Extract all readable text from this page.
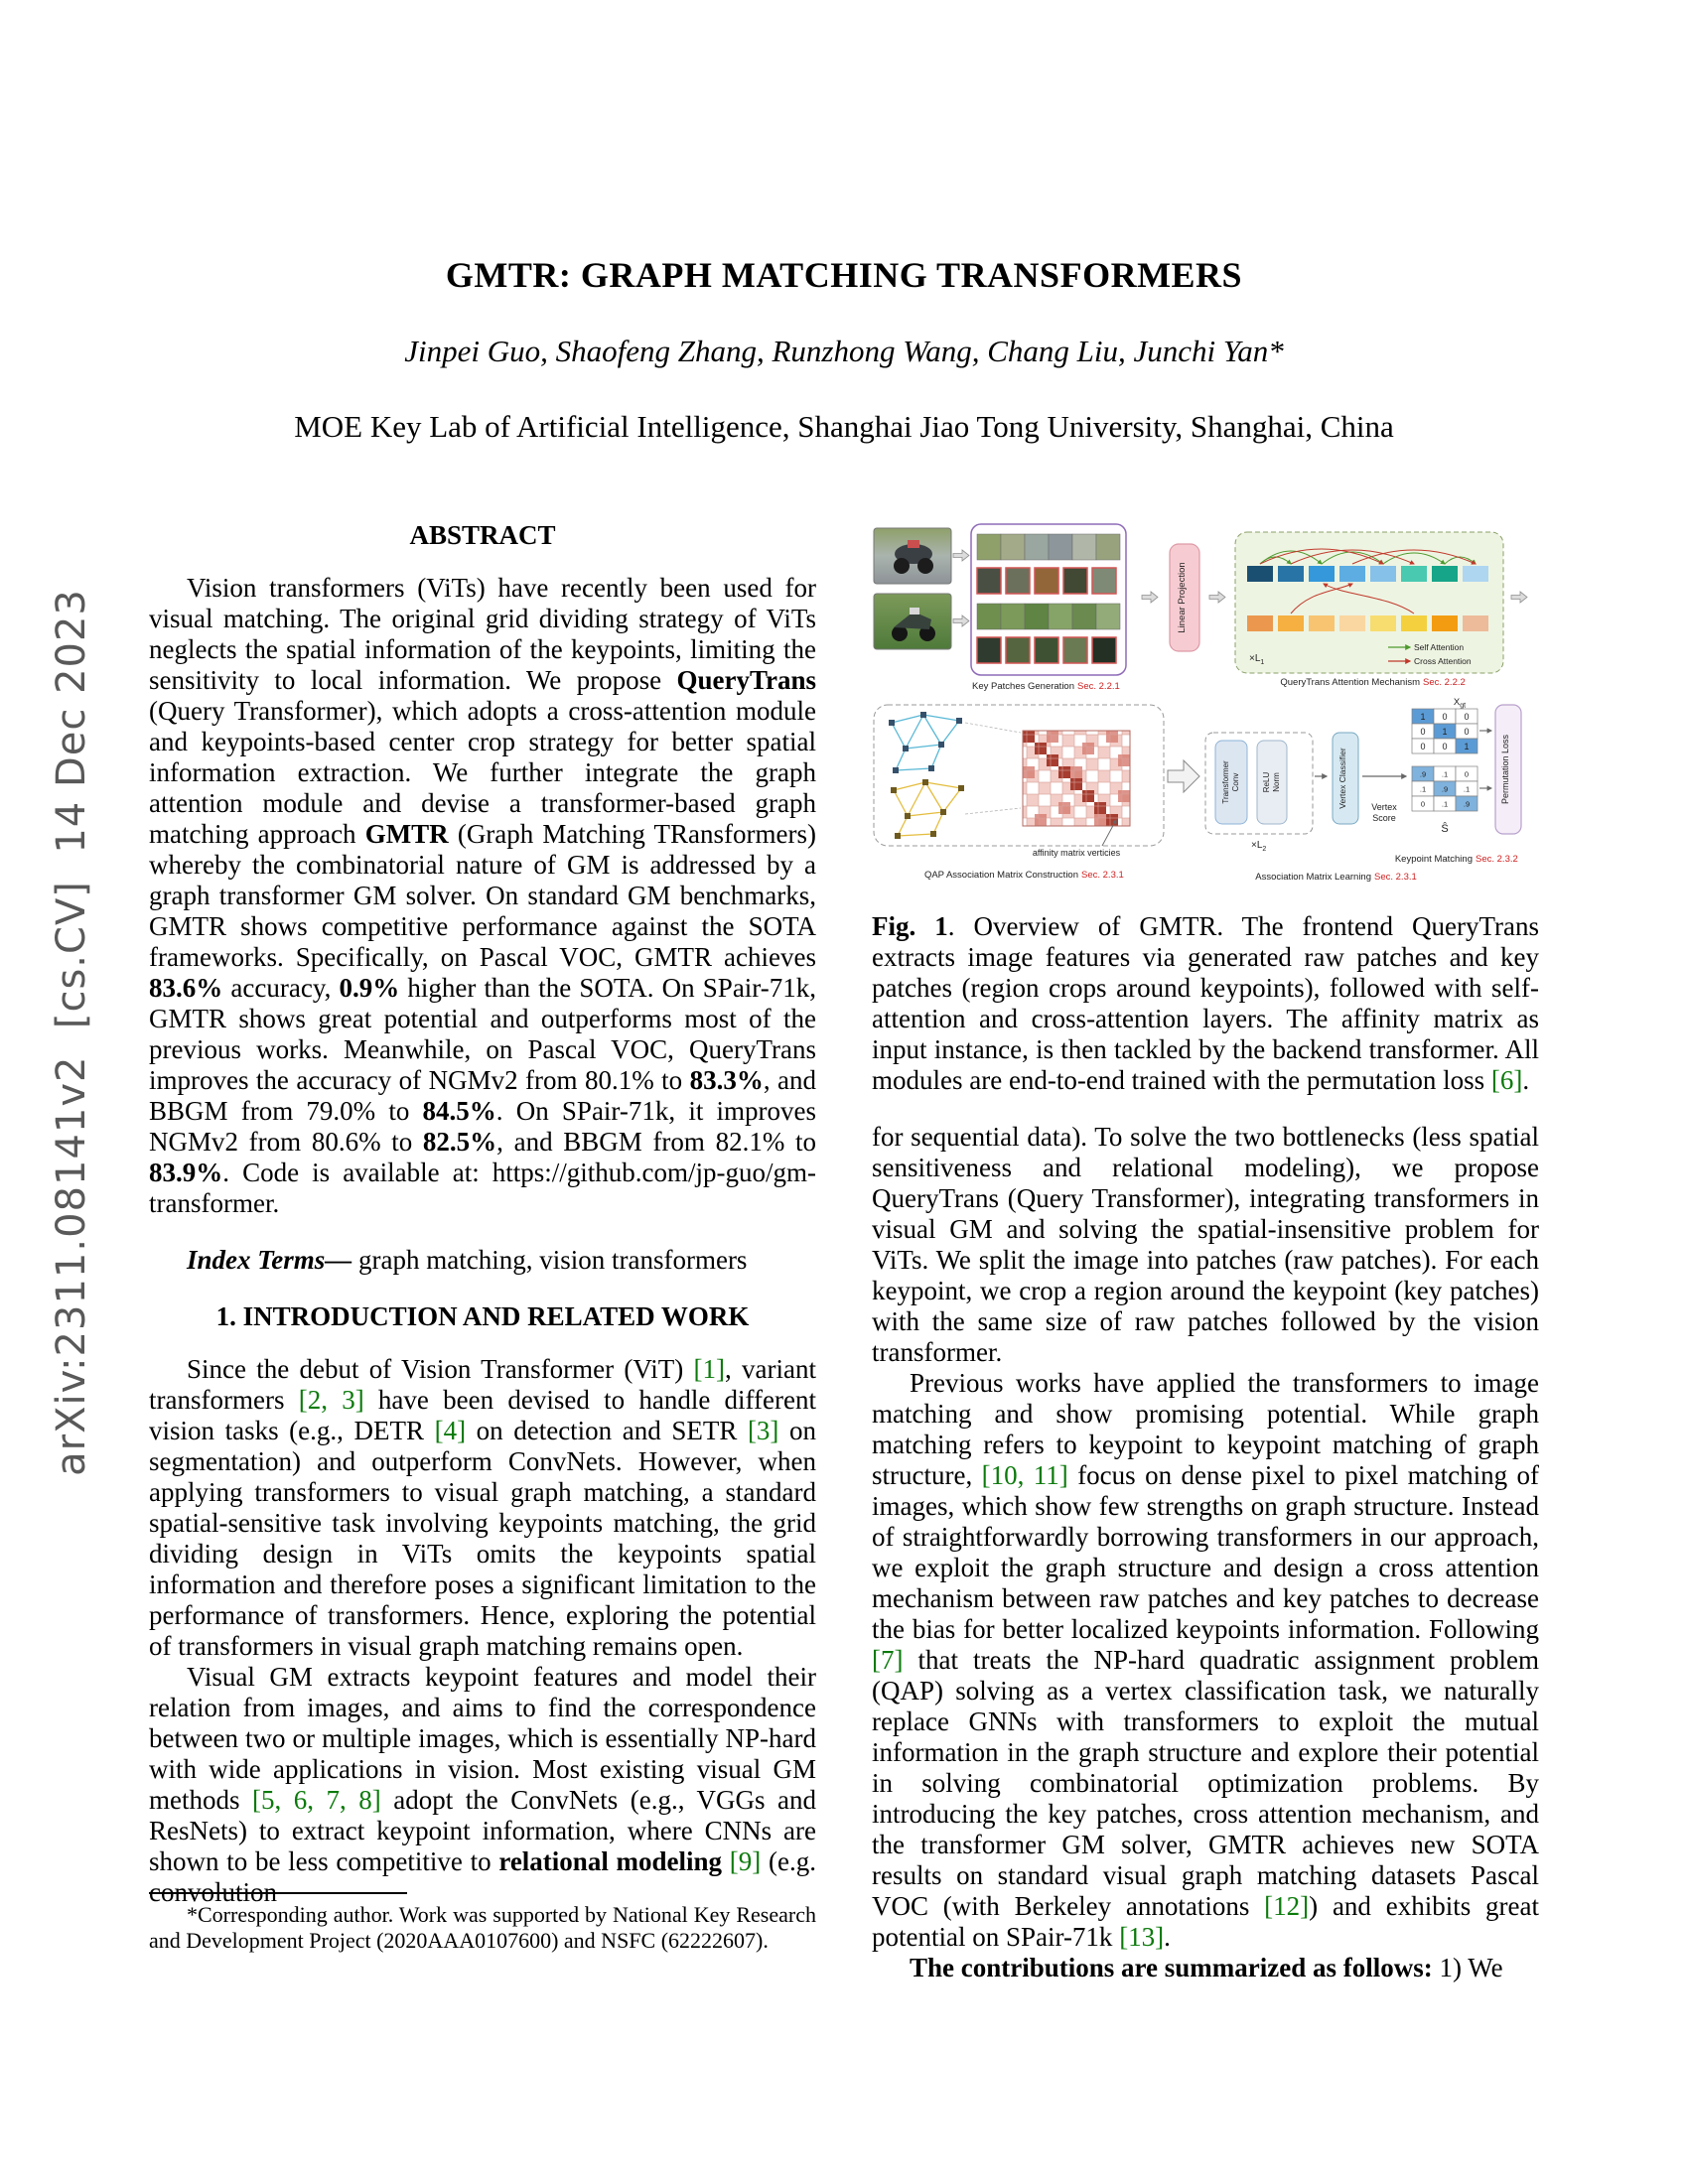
arXiv:2311.08141v2  [cs.CV]  14 Dec 2023
GMTR: GRAPH MATCHING TRANSFORMERS
Jinpei Guo, Shaofeng Zhang, Runzhong Wang, Chang Liu, Junchi Yan*
MOE Key Lab of Artificial Intelligence, Shanghai Jiao Tong University, Shanghai, China
ABSTRACT

Vision transformers (ViTs) have recently been used for visual matching. The original grid dividing strategy of ViTs neglects the spatial information of the keypoints, limiting the sensitivity to local information. We propose QueryTrans (Query Transformer), which adopts a cross-attention module and keypoints-based center crop strategy for better spatial information extraction. We further integrate the graph attention module and devise a transformer-based graph matching approach GMTR (Graph Matching TRansformers) whereby the combinatorial nature of GM is addressed by a graph transformer GM solver. On standard GM benchmarks, GMTR shows competitive performance against the SOTA frameworks. Specifically, on Pascal VOC, GMTR achieves 83.6% accuracy, 0.9% higher than the SOTA. On SPair-71k, GMTR shows great potential and outperforms most of the previous works. Meanwhile, on Pascal VOC, QueryTrans improves the accuracy of NGMv2 from 80.1% to 83.3%, and BBGM from 79.0% to 84.5%. On SPair-71k, it improves NGMv2 from 80.6% to 82.5%, and BBGM from 82.1% to 83.9%. Code is available at: https://github.com/jp-guo/gm-transformer.

Index Terms— graph matching, vision transformers

1. INTRODUCTION AND RELATED WORK

Since the debut of Vision Transformer (ViT) [1], variant transformers [2, 3] have been devised to handle different vision tasks (e.g., DETR [4] on detection and SETR [3] on segmentation) and outperform ConvNets. However, when applying transformers to visual graph matching, a standard spatial-sensitive task involving keypoints matching, the grid dividing design in ViTs omits the keypoints spatial information and therefore poses a significant limitation to the performance of transformers. Hence, exploring the potential of transformers in visual graph matching remains open.

Visual GM extracts keypoint features and model their relation from images, and aims to find the correspondence between two or multiple images, which is essentially NP-hard with wide applications in vision. Most existing visual GM methods [5, 6, 7, 8] adopt the ConvNets (e.g., VGGs and ResNets) to extract keypoint information, where CNNs are shown to be less competitive to relational modeling [9] (e.g. convolution

*Corresponding author. Work was supported by National Key Research and Development Project (2020AAA0107600) and NSFC (62222607).

Linear Projection
$\times L_1$
Self Attention
Cross Attention
Key Patches Generation Sec. 2.2.1	QueryTrans Attention Mechanism Sec. 2.2.2
affinity matrix verticies
QAP Association Matrix Construction Sec. 2.3.1
TransformerConv	ReLUNorm
$\times L_2$
Vertex Classifier	Vertex
Score
$X_{gt}$
1 0 0
0 1 0
0 0 1
.9 .1 0
.1 .9 .1
0 .1 .9
Ŝ
Permutation Loss
Keypoint Matching Sec. 2.3.2
Association Matrix Learning Sec. 2.3.1

Fig. 1. Overview of GMTR. The frontend QueryTrans extracts image features via generated raw patches and key patches (region crops around keypoints), followed with self-attention and cross-attention layers. The affinity matrix as input instance, is then tackled by the backend transformer. All modules are end-to-end trained with the permutation loss [6].

for sequential data). To solve the two bottlenecks (less spatial sensitiveness and relational modeling), we propose QueryTrans (Query Transformer), integrating transformers in visual GM and solving the spatial-insensitive problem for ViTs. We split the image into patches (raw patches). For each keypoint, we crop a region around the keypoint (key patches) with the same size of raw patches followed by the vision transformer.

Previous works have applied the transformers to image matching and show promising potential. While graph matching refers to keypoint to keypoint matching of graph structure, [10, 11] focus on dense pixel to pixel matching of images, which show few strengths on graph structure. Instead of straightforwardly borrowing transformers in our approach, we exploit the graph structure and design a cross attention mechanism between raw patches and key patches to decrease the bias for better localized keypoints information. Following [7] that treats the NP-hard quadratic assignment problem (QAP) solving as a vertex classification task, we naturally replace GNNs with transformers to exploit the mutual information in the graph structure and explore their potential in solving combinatorial optimization problems. By introducing the key patches, cross attention mechanism, and the transformer GM solver, GMTR achieves new SOTA results on standard visual graph matching datasets Pascal VOC (with Berkeley annotations [12]) and exhibits great potential on SPair-71k [13].

The contributions are summarized as follows: 1) We
